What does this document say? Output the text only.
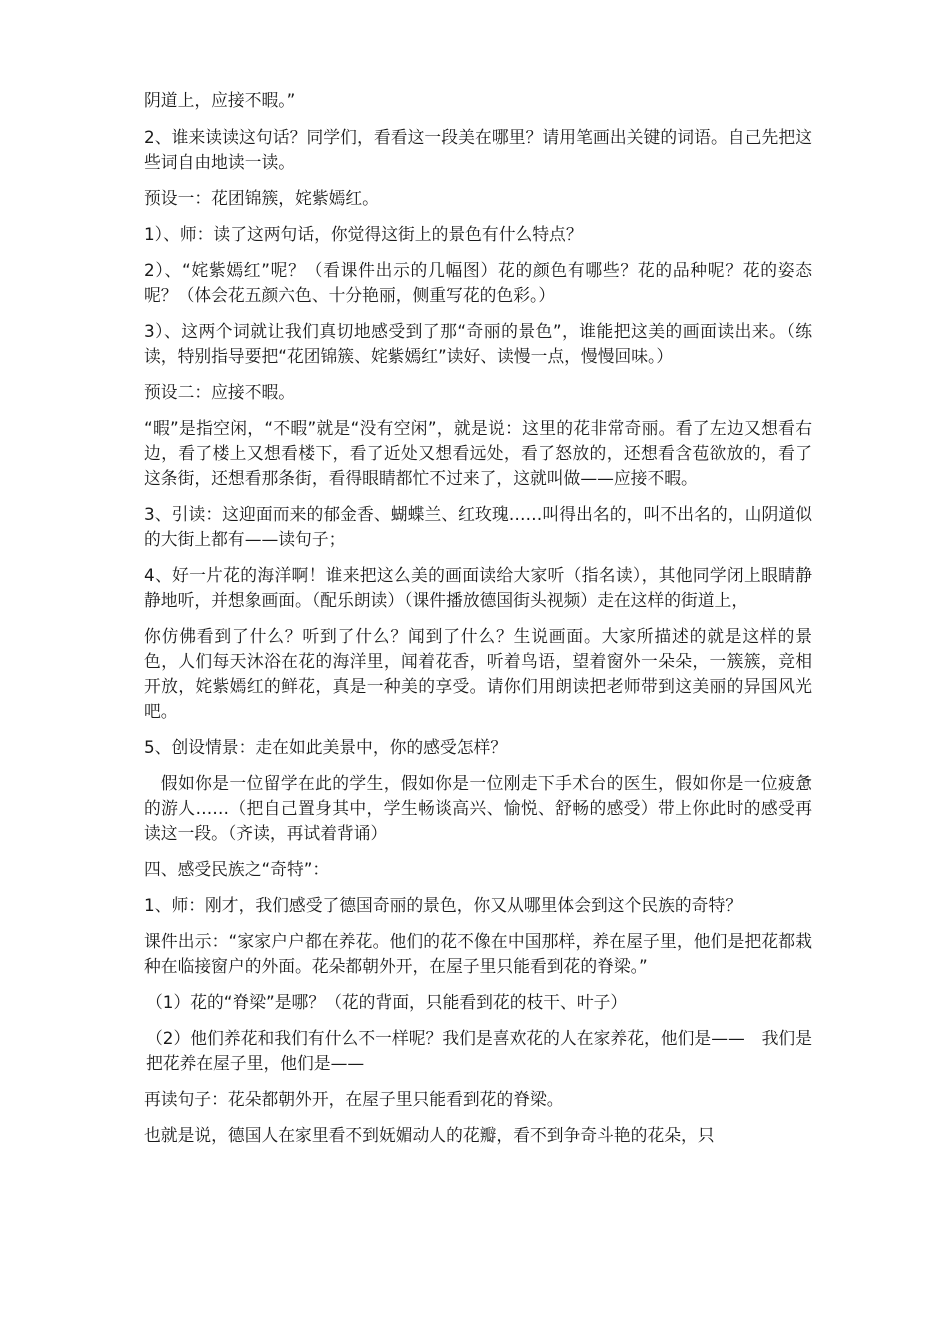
阴道上，应接不暇。”

2、谁来读读这句话？同学们，看看这一段美在哪里？请用笔画出关键的词语。自己先把这些词自由地读一读。

预设一：花团锦簇，姹紫嫣红。

1）、师：读了这两句话，你觉得这街上的景色有什么特点？

2）、“姹紫嫣红”呢？（看课件出示的几幅图）花的颜色有哪些？花的品种呢？花的姿态呢？（体会花五颜六色、十分艳丽，侧重写花的色彩。）

3）、这两个词就让我们真切地感受到了那“奇丽的景色”，谁能把这美的画面读出来。（练读，特别指导要把“花团锦簇、姹紫嫣红”读好、读慢一点，慢慢回味。）

预设二：应接不暇。

“暇”是指空闲，“不暇”就是“没有空闲”，就是说：这里的花非常奇丽。看了左边又想看右边，看了楼上又想看楼下，看了近处又想看远处，看了怒放的，还想看含苞欲放的，看了这条街，还想看那条街，看得眼睛都忙不过来了，这就叫做——应接不暇。

3、引读：这迎面而来的郁金香、蝴蝶兰、红玫瑰……叫得出名的，叫不出名的，山阴道似的大街上都有——读句子；

4、好一片花的海洋啊！谁来把这么美的画面读给大家听（指名读），其他同学闭上眼睛静静地听，并想象画面。（配乐朗读）（课件播放德国街头视频）走在这样的街道上，

你仿佛看到了什么？听到了什么？闻到了什么？生说画面。大家所描述的就是这样的景色，人们每天沐浴在花的海洋里，闻着花香，听着鸟语，望着窗外一朵朵，一簇簇，竞相开放，姹紫嫣红的鲜花，真是一种美的享受。请你们用朗读把老师带到这美丽的异国风光吧。

5、创设情景：走在如此美景中，你的感受怎样？

假如你是一位留学在此的学生，假如你是一位刚走下手术台的医生，假如你是一位疲惫的游人……（把自己置身其中，学生畅谈高兴、愉悦、舒畅的感受）带上你此时的感受再读这一段。（齐读，再试着背诵）

四、感受民族之“奇特”：

1、师：刚才，我们感受了德国奇丽的景色，你又从哪里体会到这个民族的奇特？

课件出示：“家家户户都在养花。他们的花不像在中国那样，养在屋子里，他们是把花都栽种在临接窗户的外面。花朵都朝外开，在屋子里只能看到花的脊梁。”

（1）花的“脊梁”是哪？（花的背面，只能看到花的枝干、叶子）

（2）他们养花和我们有什么不一样呢？我们是喜欢花的人在家养花，他们是——　我们是把花养在屋子里，他们是——

再读句子：花朵都朝外开，在屋子里只能看到花的脊梁。

也就是说，德国人在家里看不到妩媚动人的花瓣，看不到争奇斗艳的花朵，只
